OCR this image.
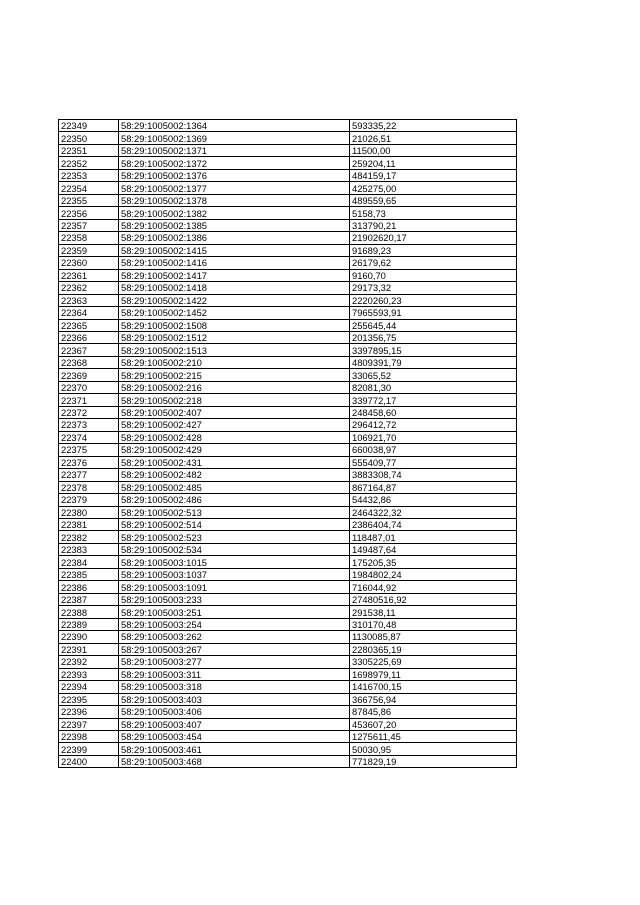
22349	58:29:1005002:1364	593335,22
22350	58:29:1005002:1369	21026,51
22351	58:29:1005002:1371	11500,00
22352	58:29:1005002:1372	259204,11
22353	58:29:1005002:1376	484159,17
22354	58:29:1005002:1377	425275,00
22355	58:29:1005002:1378	489559,65
22356	58:29:1005002:1382	5158,73
22357	58:29:1005002:1385	313790,21
22358	58:29:1005002:1386	21902620,17
22359	58:29:1005002:1415	91689,23
22360	58:29:1005002:1416	26179,62
22361	58:29:1005002:1417	9160,70
22362	58:29:1005002:1418	29173,32
22363	58:29:1005002:1422	2220260,23
22364	58:29:1005002:1452	7965593,91
22365	58:29:1005002:1508	255645,44
22366	58:29:1005002:1512	201356,75
22367	58:29:1005002:1513	3397895,15
22368	58:29:1005002:210	4809391,79
22369	58:29:1005002:215	33065,52
22370	58:29:1005002:216	82081,30
22371	58:29:1005002:218	339772,17
22372	58:29:1005002:407	248458,60
22373	58:29:1005002:427	296412,72
22374	58:29:1005002:428	106921,70
22375	58:29:1005002:429	660038,97
22376	58:29:1005002:431	555409,77
22377	58:29:1005002:482	3883308,74
22378	58:29:1005002:485	867164,87
22379	58:29:1005002:486	54432,86
22380	58:29:1005002:513	2464322,32
22381	58:29:1005002:514	2386404,74
22382	58:29:1005002:523	118487,01
22383	58:29:1005002:534	149487,64
22384	58:29:1005003:1015	175205,35
22385	58:29:1005003:1037	1984802,24
22386	58:29:1005003:1091	716044,92
22387	58:29:1005003:233	27480516,92
22388	58:29:1005003:251	291538,11
22389	58:29:1005003:254	310170,48
22390	58:29:1005003:262	1130085,87
22391	58:29:1005003:267	2280365,19
22392	58:29:1005003:277	3305225,69
22393	58:29:1005003:311	1698979,11
22394	58:29:1005003:318	1416700,15
22395	58:29:1005003:403	366756,94
22396	58:29:1005003:406	87845,86
22397	58:29:1005003:407	453607,20
22398	58:29:1005003:454	1275611,45
22399	58:29:1005003:461	50030,95
22400	58:29:1005003:468	771829,19
